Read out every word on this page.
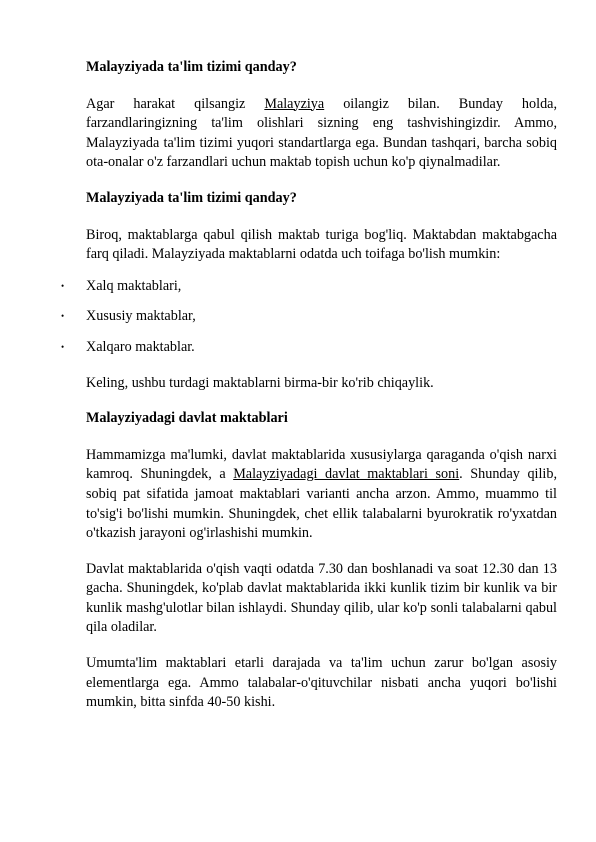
Malayziyada ta'lim tizimi qanday?

Agar harakat qilsangiz Malayziya oilangiz bilan. Bunday holda, farzandlaringizning ta'lim olishlari sizning eng tashvishingizdir. Ammo, Malayziyada ta'lim tizimi yuqori standartlarga ega. Bundan tashqari, barcha sobiq ota-onalar o'z farzandlari uchun maktab topish uchun ko'p qiynalmadilar.

Malayziyada ta'lim tizimi qanday?

Biroq, maktablarga qabul qilish maktab turiga bog'liq. Maktabdan maktabgacha farq qiladi. Malayziyada maktablarni odatda uch toifaga bo'lish mumkin:

• Xalq maktablari,
• Xususiy maktablar,
• Xalqaro maktablar.

Keling, ushbu turdagi maktablarni birma-bir ko'rib chiqaylik.

Malayziyadagi davlat maktablari

Hammamizga ma'lumki, davlat maktablarida xususiylarga qaraganda o'qish narxi kamroq. Shuningdek, a Malayziyadagi davlat maktablari soni. Shunday qilib, sobiq pat sifatida jamoat maktablari varianti ancha arzon. Ammo, muammo til to'sig'i bo'lishi mumkin. Shuningdek, chet ellik talabalarni byurokratik ro'yxatdan o'tkazish jarayoni og'irlashishi mumkin.

Davlat maktablarida o'qish vaqti odatda 7.30 dan boshlanadi va soat 12.30 dan 13 gacha. Shuningdek, ko'plab davlat maktablarida ikki kunlik tizim bir kunlik va bir kunlik mashg'ulotlar bilan ishlaydi. Shunday qilib, ular ko'p sonli talabalarni qabul qila oladilar.

Umumta'lim maktablari etarli darajada va ta'lim uchun zarur bo'lgan asosiy elementlarga ega. Ammo talabalar-o'qituvchilar nisbati ancha yuqori bo'lishi mumkin, bitta sinfda 40-50 kishi.
